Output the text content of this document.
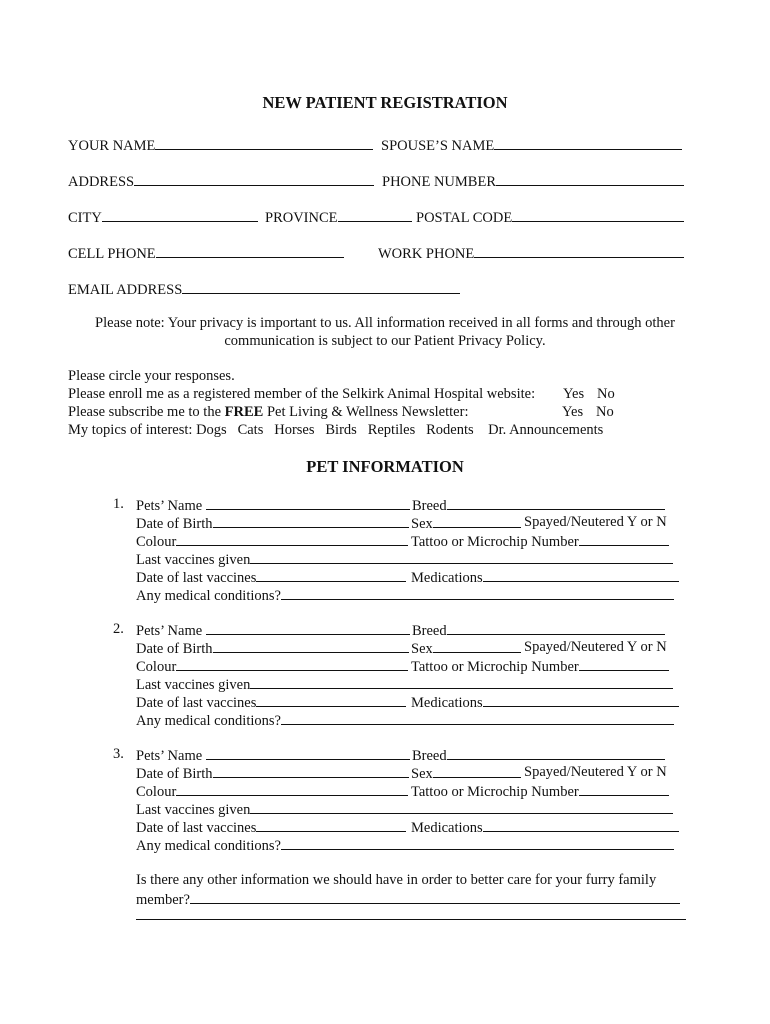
NEW PATIENT REGISTRATION
YOUR NAME	SPOUSE’S NAME
ADDRESS	PHONE NUMBER
CITY	PROVINCE	POSTAL CODE
CELL PHONE	WORK PHONE
EMAIL ADDRESS
Please note: Your privacy is important to us. All information received in all forms and through other
communication is subject to our Patient Privacy Policy.
Please circle your responses.
Please enroll me as a registered member of the Selkirk Animal Hospital website: Yes No
Please subscribe me to the FREE Pet Living & Wellness Newsletter:	Yes No
My topics of interest: Dogs Cats Horses Birds Reptiles Rodents Dr. Announcements
PET INFORMATION
1. Pets’ Name	Breed
Date of Birth	Sex	Spayed/Neutered Y or N
Colour	Tattoo or Microchip Number
Last vaccines given
Date of last vaccines	Medications
Any medical conditions?
2. Pets’ Name	Breed
Date of Birth	Sex	Spayed/Neutered Y or N
Colour	Tattoo or Microchip Number
Last vaccines given
Date of last vaccines	Medications
Any medical conditions?
3. Pets’ Name	Breed
Date of Birth	Sex	Spayed/Neutered Y or N
Colour	Tattoo or Microchip Number
Last vaccines given
Date of last vaccines	Medications
Any medical conditions?
Is there any other information we should have in order to better care for your furry family
member?
